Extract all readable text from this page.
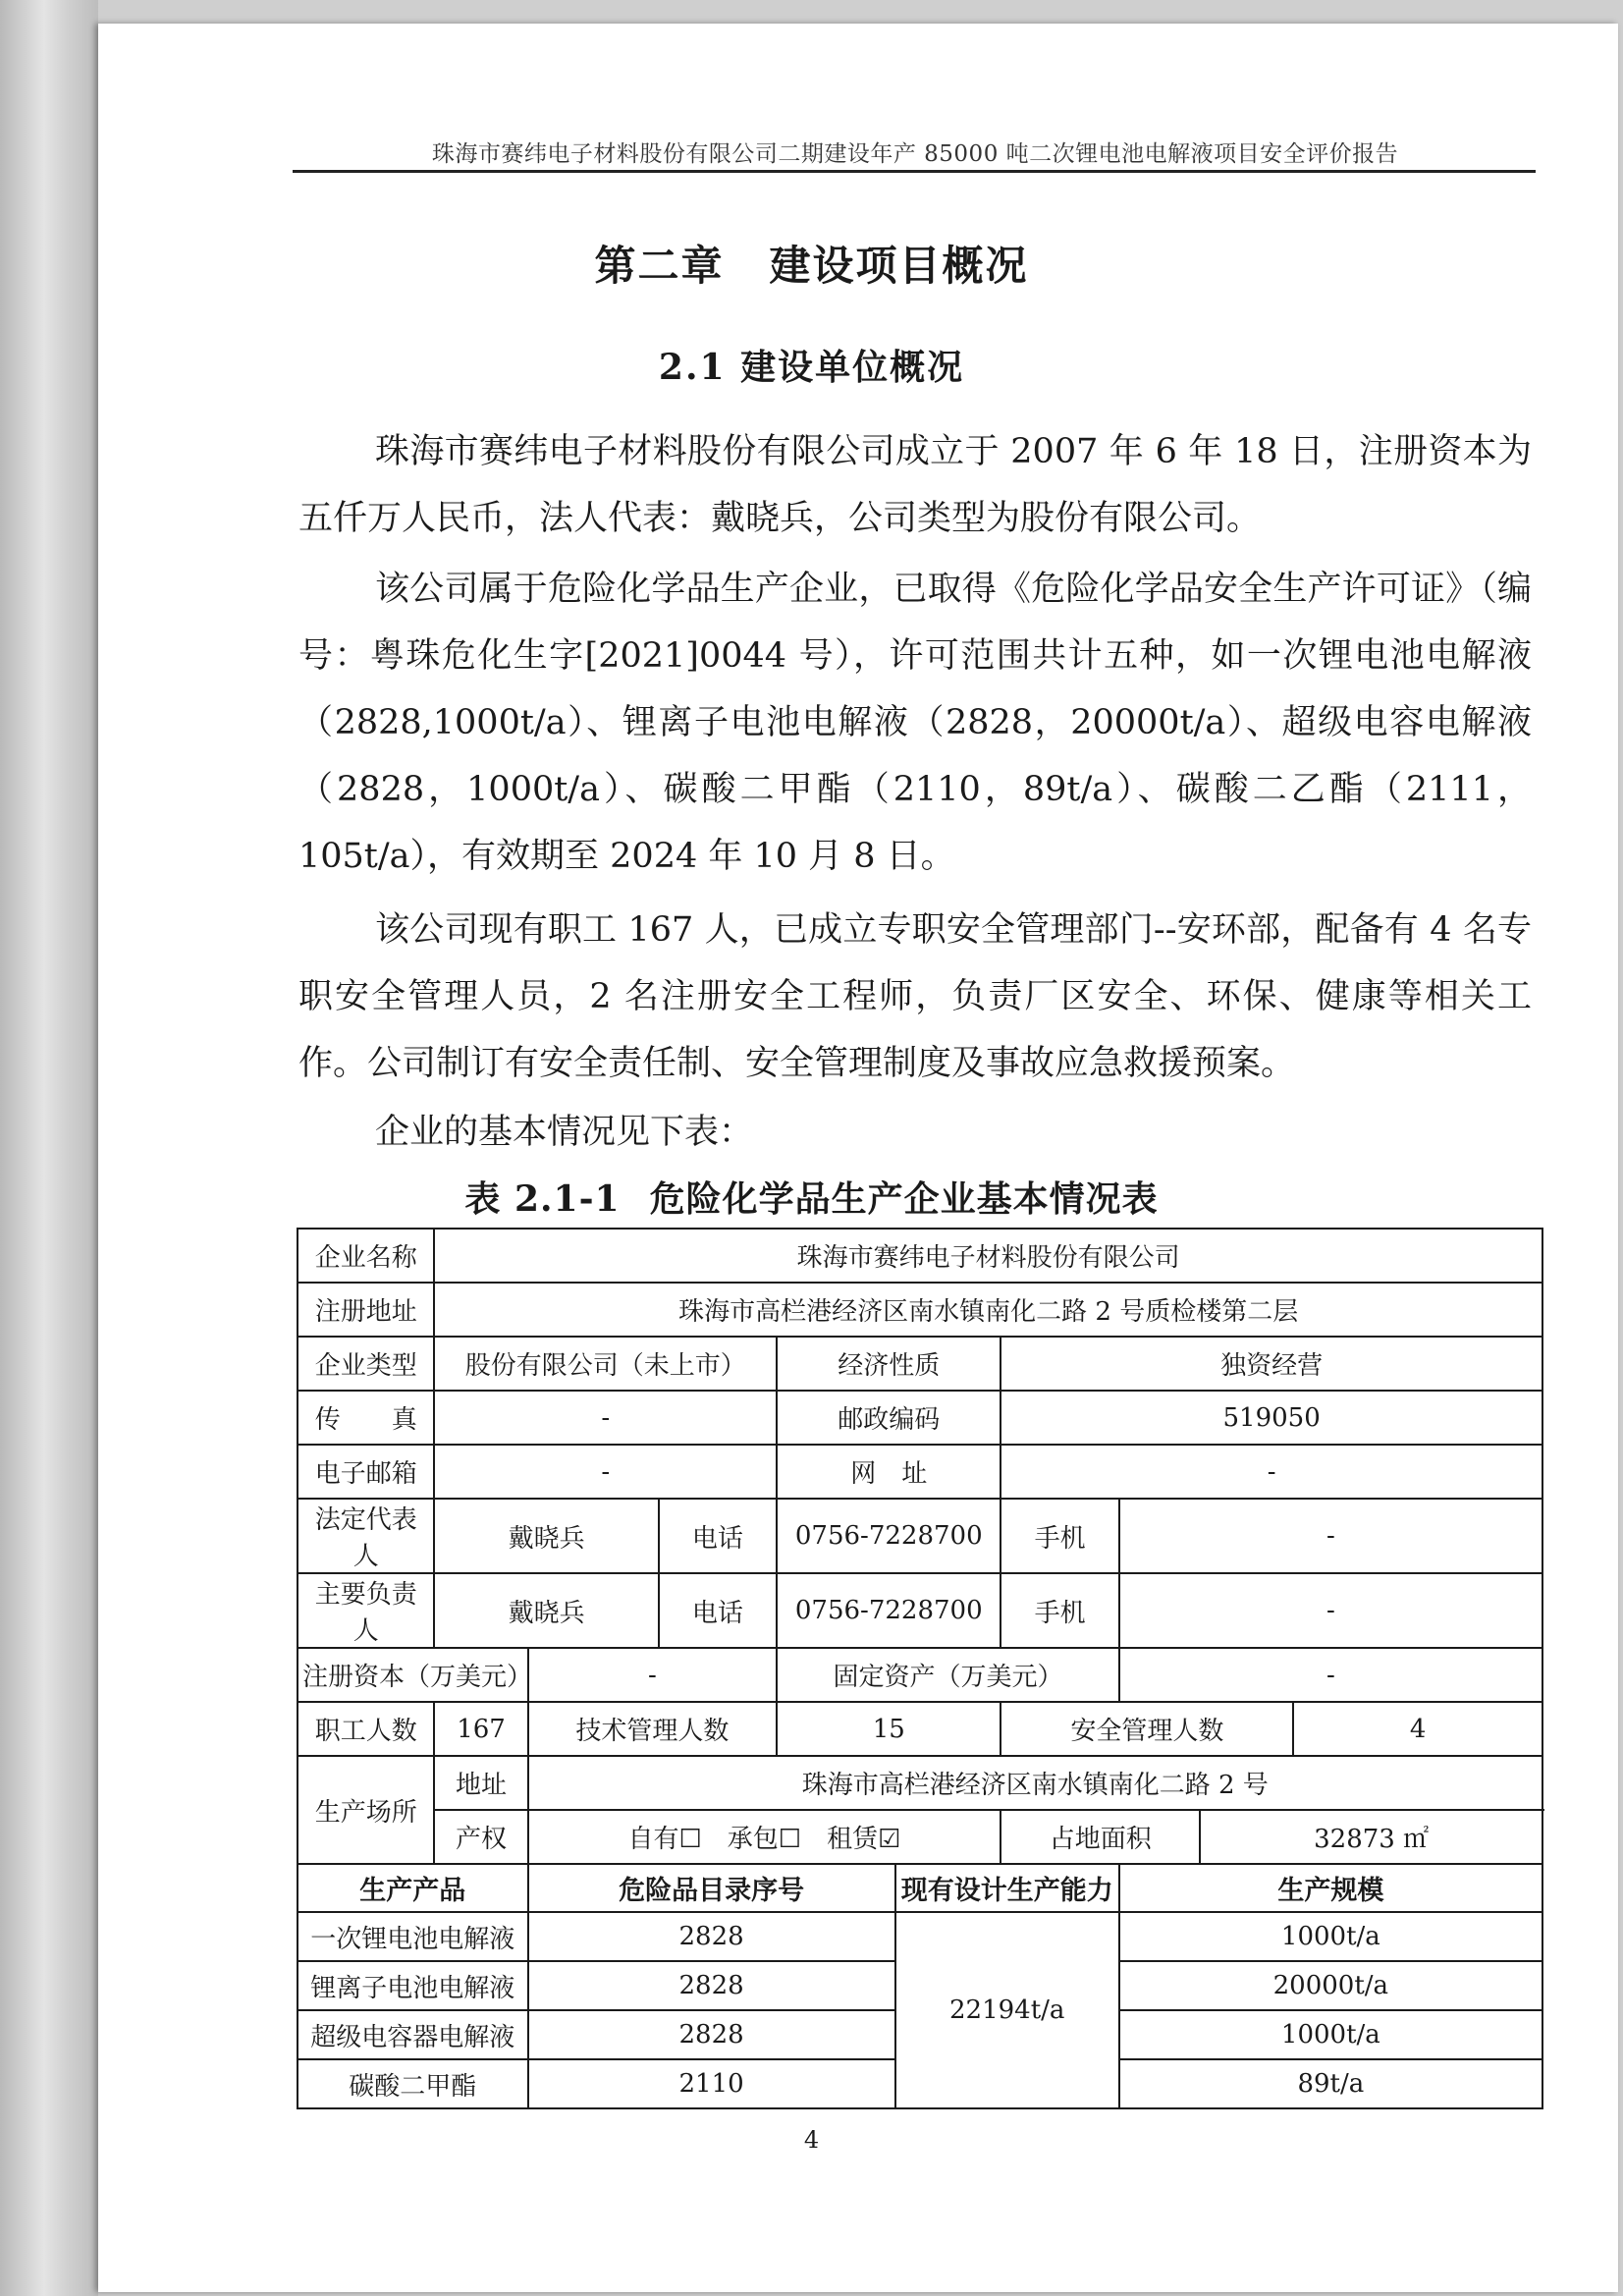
珠海市赛纬电子材料股份有限公司二期建设年产 85000 吨二次锂电池电解液项目安全评价报告
第二章 建设项目概况
2.1 建设单位概况

珠海市赛纬电子材料股份有限公司成立于 2007 年 6 年 18 日，注册资本为五仟万人民币，法人代表：戴晓兵，公司类型为股份有限公司。

该公司属于危险化学品生产企业，已取得《危险化学品安全生产许可证》（编号：粤珠危化生字[2021]0044 号），许可范围共计五种，如一次锂电池电解液（2828,1000t/a）、锂离子电池电解液（2828，20000t/a）、超级电容电解液（2828，1000t/a）、碳酸二甲酯（2110，89t/a）、碳酸二乙酯（2111，105t/a），有效期至 2024 年 10 月 8 日。

该公司现有职工 167 人，已成立专职安全管理部门--安环部，配备有 4 名专职安全管理人员，2 名注册安全工程师，负责厂区安全、环保、健康等相关工作。公司制订有安全责任制、安全管理制度及事故应急救援预案。

企业的基本情况见下表：

表 2.1-1 危险化学品生产企业基本情况表
企业名称	珠海市赛纬电子材料股份有限公司								
注册地址	珠海市高栏港经济区南水镇南化二路 2 号质检楼第二层								
企业类型	股份有限公司（未上市）			经济性质		独资经营			
传　　真	-			邮政编码		519050			
电子邮箱	-			网　址		-			
法定代表人	戴晓兵		电话	0756-7228700		手机	-		
主要负责人	戴晓兵		电话	0756-7228700		手机	-		
注册资本（万美元）		-		固定资产（万美元）			-		
职工人数	167	技术管理人数		15		安全管理人数			4
生产场所	地址	珠海市高栏港经济区南水镇南化二路 2 号							
	产权	自有☐　承包☐　租赁☑				占地面积		32873 ㎡	
生产产品		危险品目录序号			现有设计生产能力		生产规模		
一次锂电池电解液		2828			22194t/a		1000t/a		
锂离子电池电解液		2828					20000t/a		
超级电容器电解液		2828					1000t/a		
碳酸二甲酯		2110					89t/a		
4
